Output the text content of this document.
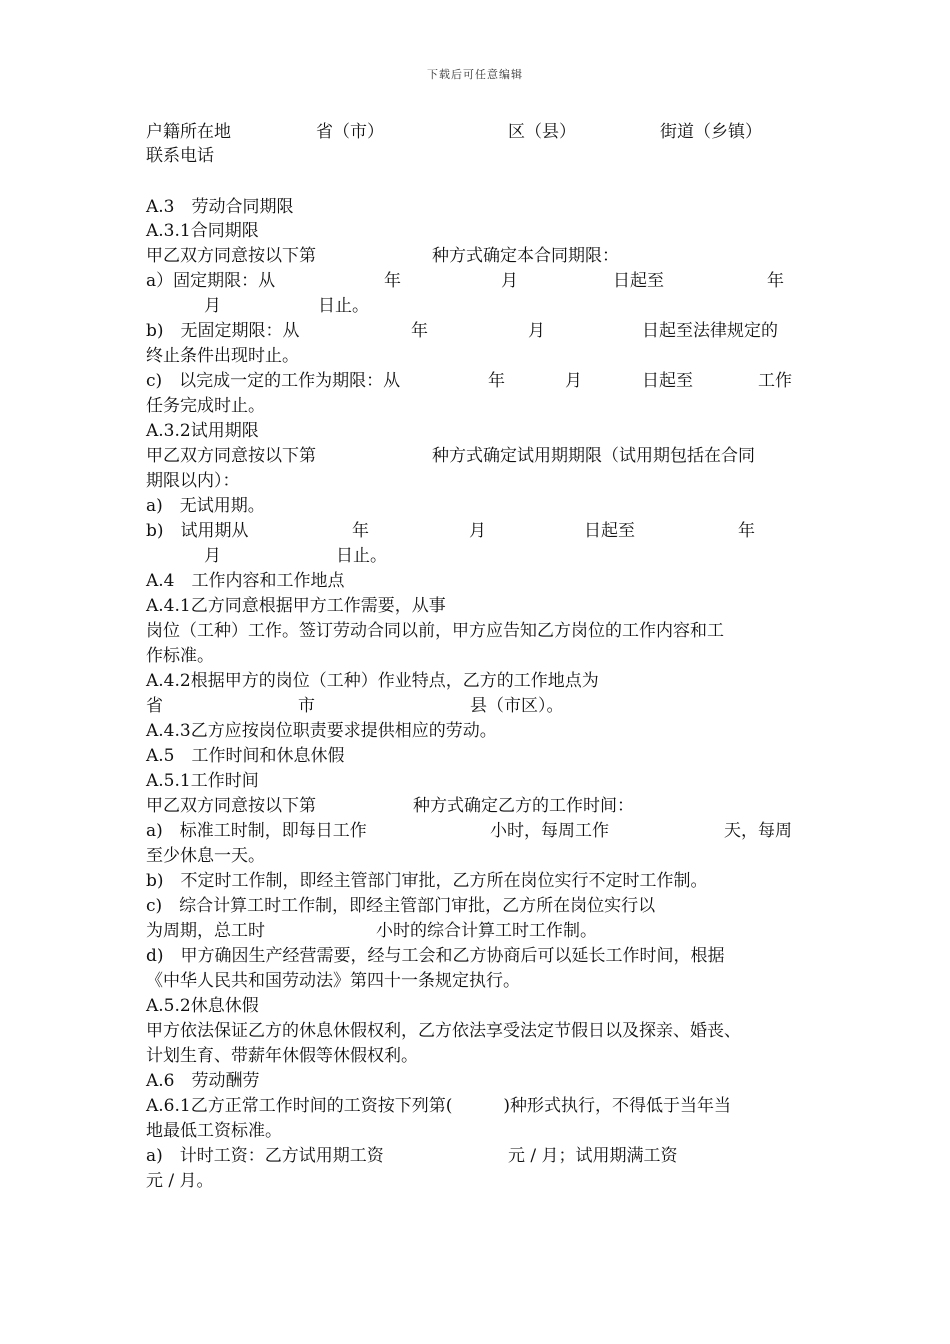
下载后可任意编辑
户籍所在地	省（市）	区（县）	街道（乡镇）
联系电话
A.3　劳动合同期限
A.3.1合同期限
甲乙双方同意按以下第	种方式确定本合同期限：
a）固定期限：从	年	月	日起至	年
月	日止。
b)　无固定期限：从	年	月	日起至法律规定的
终止条件出现时止。
c)　以完成一定的工作为期限：从	年	月	日起至	工作
任务完成时止。
A.3.2试用期限
甲乙双方同意按以下第	种方式确定试用期期限（试用期包括在合同
期限以内）：
a)　无试用期。
b)　试用期从	年	月	日起至	年
月	日止。
A.4　工作内容和工作地点
A.4.1乙方同意根据甲方工作需要，从事
岗位（工种）工作。签订劳动合同以前，甲方应告知乙方岗位的工作内容和工
作标准。
A.4.2根据甲方的岗位（工种）作业特点，乙方的工作地点为
省	市	县（市区）。
A.4.3乙方应按岗位职责要求提供相应的劳动。
A.5　工作时间和休息休假
A.5.1工作时间
甲乙双方同意按以下第	种方式确定乙方的工作时间：
a)　标准工时制，即每日工作	小时，每周工作	天，每周
至少休息一天。
b)　不定时工作制，即经主管部门审批，乙方所在岗位实行不定时工作制。
c)　综合计算工时工作制，即经主管部门审批，乙方所在岗位实行以
为周期，总工时	小时的综合计算工时工作制。
d)　甲方确因生产经营需要，经与工会和乙方协商后可以延长工作时间，根据
《中华人民共和国劳动法》第四十一条规定执行。
A.5.2休息休假
甲方依法保证乙方的休息休假权利，乙方依法享受法定节假日以及探亲、婚丧、
计划生育、带薪年休假等休假权利。
A.6　劳动酬劳
A.6.1乙方正常工作时间的工资按下列第(　　　)种形式执行，不得低于当年当
地最低工资标准。
a)　计时工资：乙方试用期工资	元 / 月；试用期满工资
元 / 月。
